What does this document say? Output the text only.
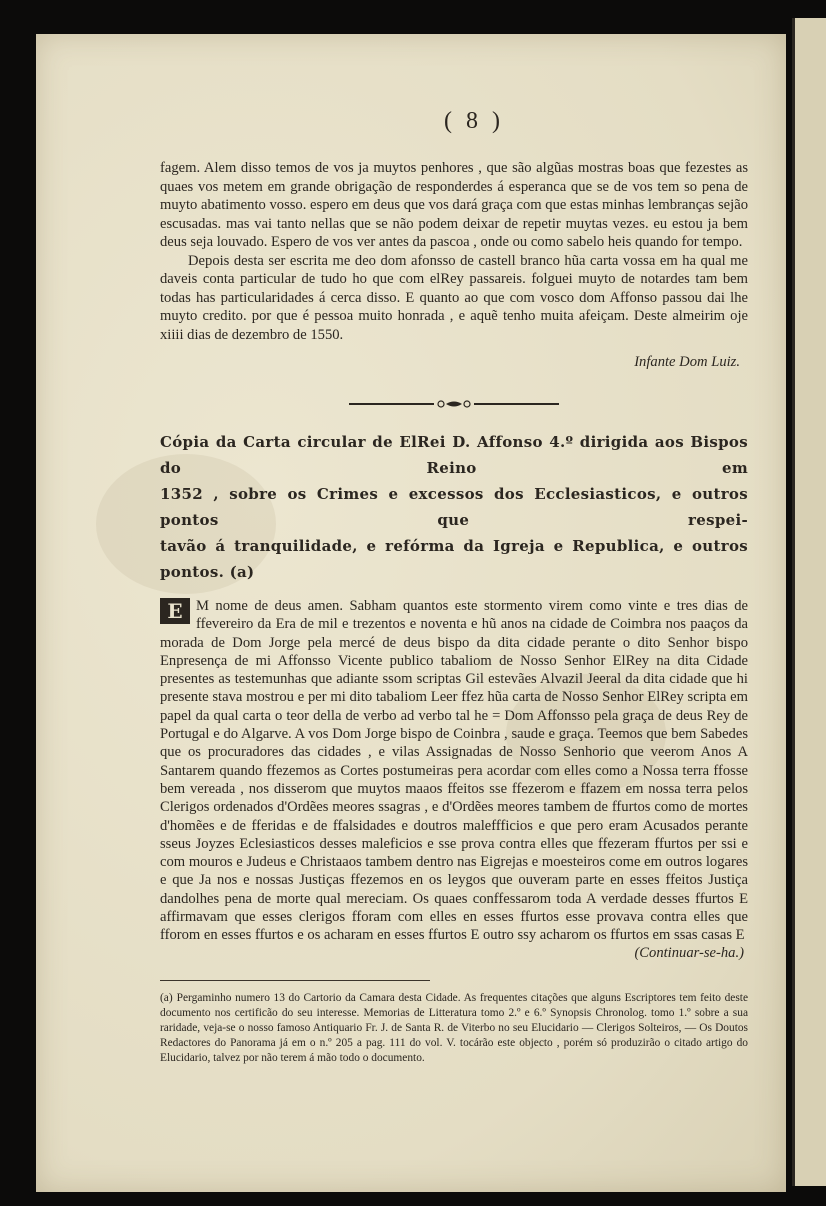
( 8 )

fagem. Alem disso temos de vos ja muytos penhores , que são algũas mostras boas que fezestes as quaes vos metem em grande obrigação de responderdes á esperanca que se de vos tem so pena de muyto abatimento vosso. espero em deus que vos dará graça com que estas minhas lembranças sejão escusadas. mas vai tanto nellas que se não podem deixar de repetir muytas vezes. eu estou ja bem deus seja louvado. Espero de vos ver antes da pascoa , onde ou como sabelo heis quando for tempo.

Depois desta ser escrita me deo dom afonsso de castell branco hũa carta vossa em ha qual me daveis conta particular de tudo ho que com elRey passareis. folguei muyto de notardes tam bem todas has particularidades á cerca disso. E quanto ao que com vosco dom Affonso passou dai lhe muyto credito. por que é pessoa muito honrada , e aquẽ tenho muita afeiçam. Deste almeirim oje xiiii dias de dezembro de 1550.

Infante Dom Luiz.
Cópia da Carta circular de ElRei D. Affonso 4.º dirigida aos Bispos do Reino em
1352 , sobre os Crimes e excessos dos Ecclesiasticos, e outros pontos que respei-
tavão á tranquilidade, e refórma da Igreja e Republica, e outros pontos. (a)

E M nome de deus amen. Sabham quantos este stormento virem como vinte e tres dias de ffevereiro da Era de mil e trezentos e noventa e hũ anos na cidade de Coimbra nos paaços da morada de Dom Jorge pela mercé de deus bispo da dita cidade perante o dito Senhor bispo Enpresença de mi Affonsso Vicente publico tabaliom de Nosso Senhor ElRey na dita Cidade presentes as testemunhas que adiante ssom scriptas Gil estevães Alvazil Jeeral da dita cidade que hi presente stava mostrou e per mi dito tabaliom Leer ffez hũa carta de Nosso Senhor ElRey scripta em papel da qual carta o teor della de verbo ad verbo tal he = Dom Affonsso pela graça de deus Rey de Portugal e do Algarve. A vos Dom Jorge bispo de Coinbra , saude e graça. Teemos que bem Sabedes que os procuradores das cidades , e vilas Assignadas de Nosso Senhorio que veerom Anos A Santarem quando ffezemos as Cortes postumeiras pera acordar com elles como a Nossa terra ffosse bem vereada , nos disserom que muytos maaos ffeitos sse ffezerom e ffazem em nossa terra pelos Clerigos ordenados d'Ordẽes meores ssagras , e d'Ordẽes meores tambem de ffurtos como de mortes d'homẽes e de fferidas e de ffalsidades e doutros maleffficios e que pero eram Acusados perante sseus Joyzes Eclesiasticos desses maleficios e sse prova contra elles que ffezeram ffurtos per ssi e com mouros e Judeus e Christaaos tambem dentro nas Eigrejas e moesteiros come em outros logares e que Ja nos e nossas Justiças ffezemos en os leygos que ouveram parte en esses ffeitos Justiça dandolhes pena de morte qual mereciam. Os quaes conffessarom toda A verdade desses ffurtos E affirmavam que esses clerigos fforam com elles en esses ffurtos esse provava contra elles que fforom en esses ffurtos e os acharam en esses ffurtos E outro ssy acharom os ffurtos em ssas casas E

(Continuar-se-ha.)

(a) Pergaminho numero 13 do Cartorio da Camara desta Cidade. As frequentes citações que alguns Escriptores tem feito deste documento nos certificão do seu interesse. Memorias de Litteratura tomo 2.º e 6.º Synopsis Chronolog. tomo 1.º sobre a sua raridade, veja-se o nosso famoso Antiquario Fr. J. de Santa R. de Viterbo no seu Elucidario — Clerigos Solteiros, — Os Doutos Redactores do Panorama já em o n.º 205 a pag. 111 do vol. V. tocárão este objecto , porém só produzirão o citado artigo do Elucidario, talvez por não terem á mão todo o documento.
